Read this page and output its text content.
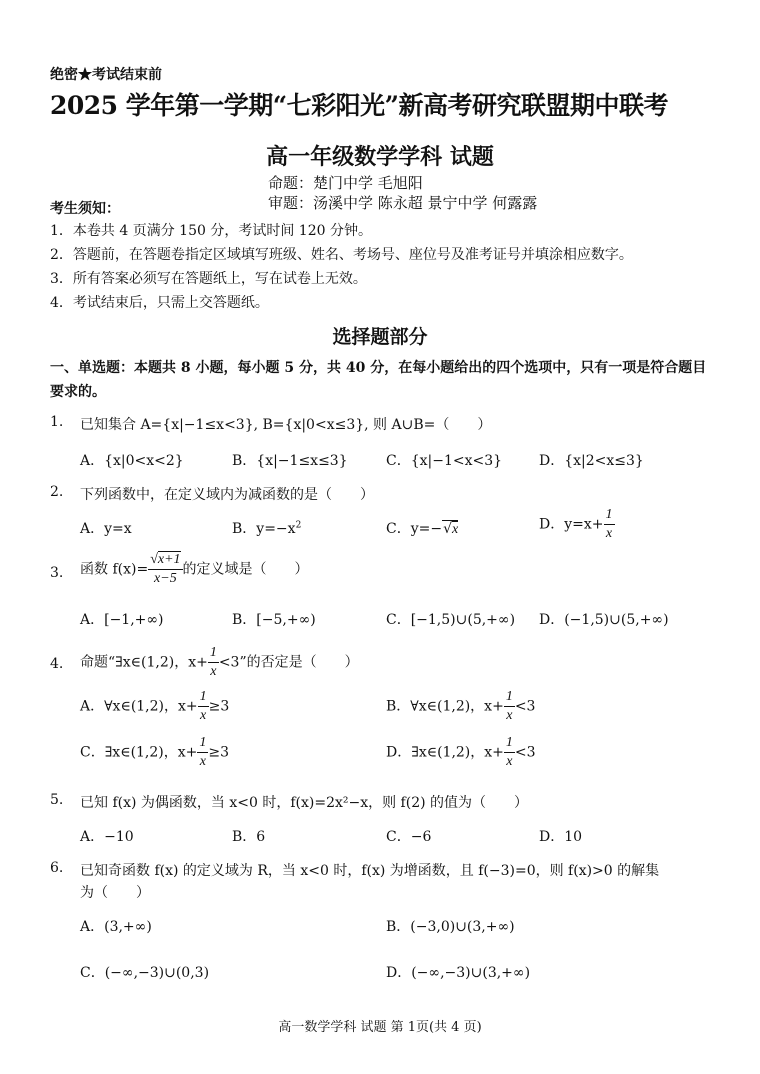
绝密★考试结束前
2025 学年第一学期“七彩阳光”新高考研究联盟期中联考
高一年级数学学科 试题
命题：楚门中学 毛旭阳
审题：汤溪中学 陈永超 景宁中学 何露露
考生须知：
1．本卷共 4 页满分 150 分，考试时间 120 分钟。
2．答题前，在答题卷指定区域填写班级、姓名、考场号、座位号及准考证号并填涂相应数字。
3．所有答案必须写在答题纸上，写在试卷上无效。
4．考试结束后，只需上交答题纸。
选择题部分
一、单选题：本题共 8 小题，每小题 5 分，共 40 分，在每小题给出的四个选项中，只有一项是符合题目要求的。
1. 已知集合 A={x|−1≤x<3}, B={x|0<x≤3}, 则 A∪B=（　　）
A．{x|0<x<2}	B．{x|−1≤x≤3}	C．{x|−1<x<3}	D．{x|2<x≤3}
2. 下列函数中，在定义域内为减函数的是（　　）
A．y=x	B．$y=-x^2$	C．y=−√x	D．$y=x+ \frac{1}{x}$
3. 函数 $f(x)= \frac{√x+1}{x-5}$ 的定义域是（　　）
A．[−1,+∞)	B．[−5,+∞)	C．[−1,5)∪(5,+∞) D．(−1,5)∪(5,+∞)
4. 命题“∃x∈(1,2)，$x+ \frac{1}{x} <3$”的否定是（　　）
A．∀x∈(1,2)，$x+ \frac{1}{x} \ge 3$	B．∀x∈(1,2)，$x+ \frac{1}{x} <3$
C．∃x∈(1,2)，$x+ \frac{1}{x} \ge 3$	D．∃x∈(1,2)，$x+ \frac{1}{x} <3$
5. 已知 f(x) 为偶函数，当 x<0 时，f(x)=2x²−x，则 f(2) 的值为（　　）
A．−10	B．6	C．−6	D．10
6. 已知奇函数 f(x) 的定义域为 R，当 x<0 时，f(x) 为增函数，且 f(−3)=0，则 f(x)>0 的解集
为（　　）
A．(3,+∞)	B．(−3,0)∪(3,+∞)
C．(−∞,−3)∪(0,3)	D．(−∞,−3)∪(3,+∞)
高一数学学科 试题 第 1页(共 4 页)
